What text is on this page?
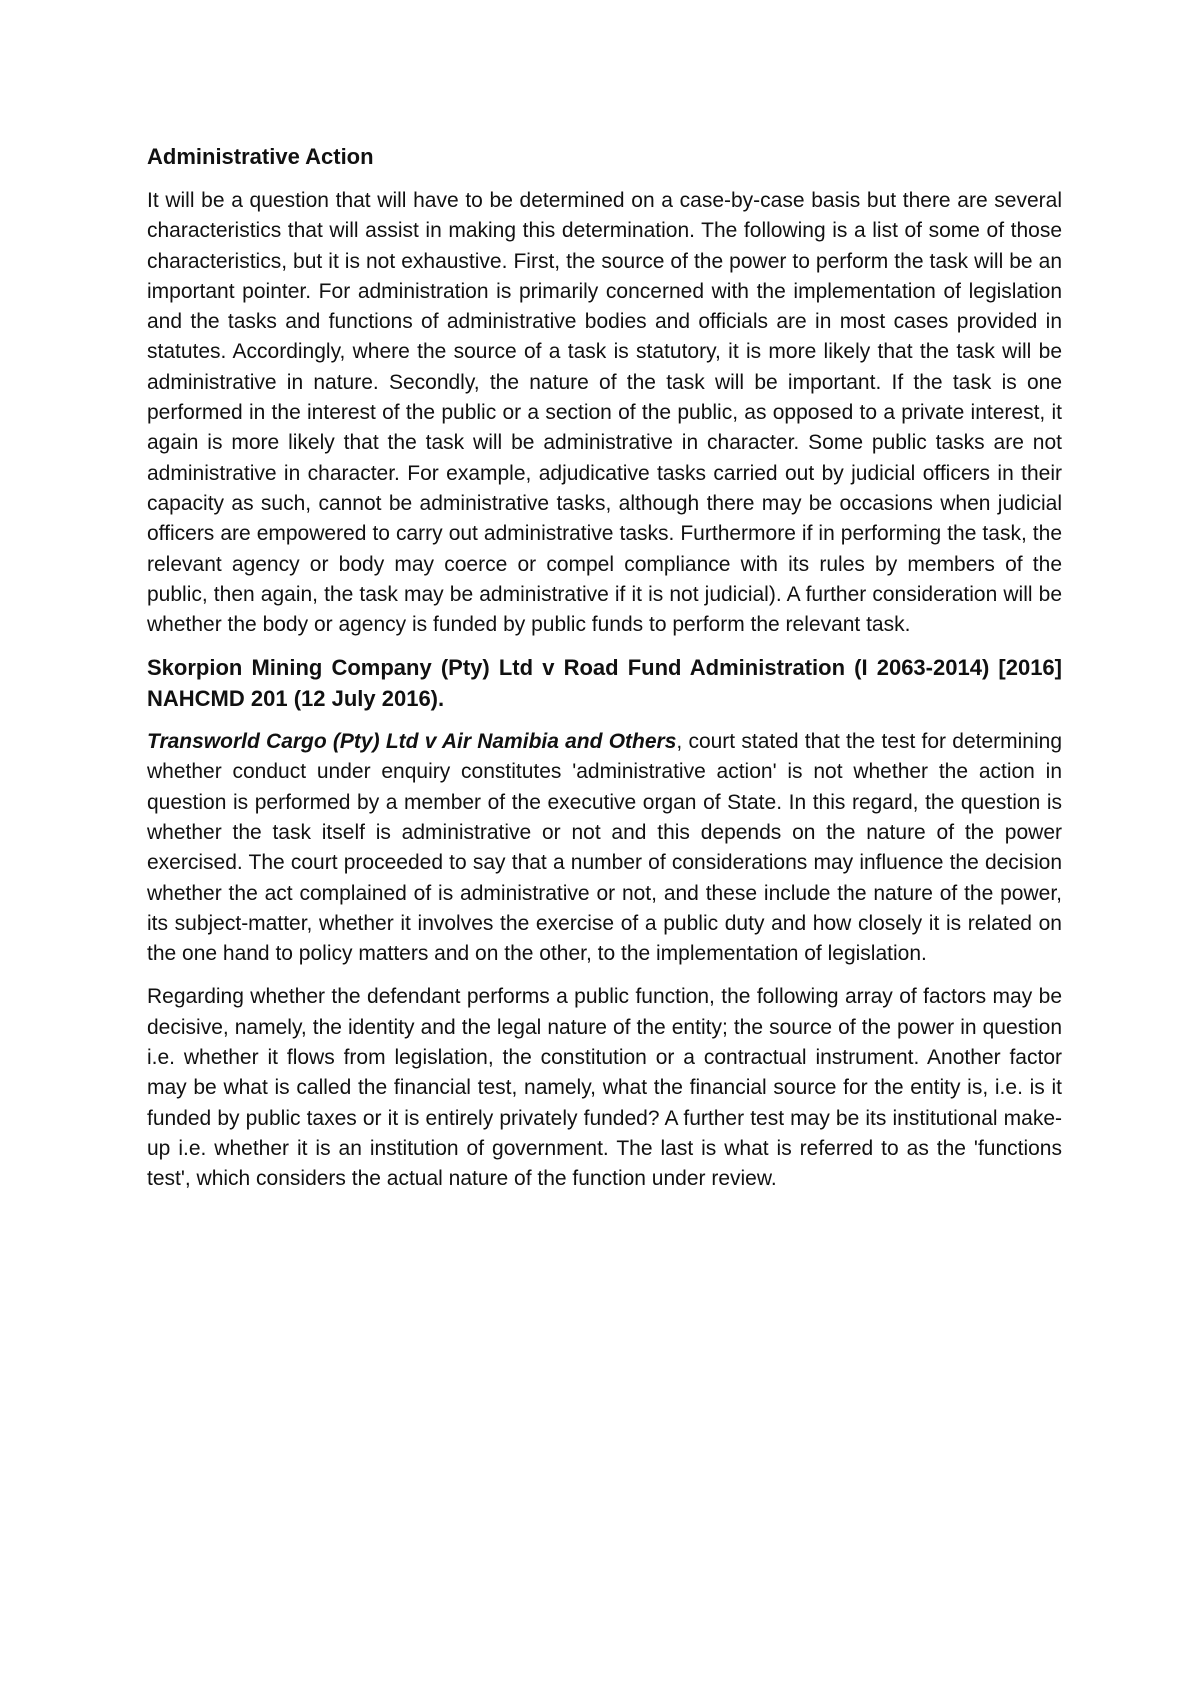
Administrative Action

It will be a question that will have to be determined on a case-by-case basis but there are several characteristics that will assist in making this determination. The following is a list of some of those characteristics, but it is not exhaustive. First, the source of the power to perform the task will be an important pointer. For administration is primarily concerned with the implementation of legislation and the tasks and functions of administrative bodies and officials are in most cases provided in statutes. Accordingly, where the source of a task is statutory, it is more likely that the task will be administrative in nature. Secondly, the nature of the task will be important. If the task is one performed in the interest of the public or a section of the public, as opposed to a private interest, it again is more likely that the task will be administrative in character. Some public tasks are not administrative in character. For example, adjudicative tasks carried out by judicial officers in their capacity as such, cannot be administrative tasks, although there may be occasions when judicial officers are empowered to carry out administrative tasks. Furthermore if in performing the task, the relevant agency or body may coerce or compel compliance with its rules by members of the public, then again, the task may be administrative if it is not judicial). A further consideration will be whether the body or agency is funded by public funds to perform the relevant task.

Skorpion Mining Company (Pty) Ltd v Road Fund Administration (I 2063-2014) [2016] NAHCMD 201 (12 July 2016).

Transworld Cargo (Pty) Ltd v Air Namibia and Others, court stated that the test for determining whether conduct under enquiry constitutes 'administrative action' is not whether the action in question is performed by a member of the executive organ of State. In this regard, the question is whether the task itself is administrative or not and this depends on the nature of the power exercised. The court proceeded to say that a number of considerations may influence the decision whether the act complained of is administrative or not, and these include the nature of the power, its subject-matter, whether it involves the exercise of a public duty and how closely it is related on the one hand to policy matters and on the other, to the implementation of legislation.

Regarding whether the defendant performs a public function, the following array of factors may be decisive, namely, the identity and the legal nature of the entity; the source of the power in question i.e. whether it flows from legislation, the constitution or a contractual instrument. Another factor may be what is called the financial test, namely, what the financial source for the entity is, i.e. is it funded by public taxes or it is entirely privately funded? A further test may be its institutional make-up i.e. whether it is an institution of government. The last is what is referred to as the 'functions test', which considers the actual nature of the function under review.
